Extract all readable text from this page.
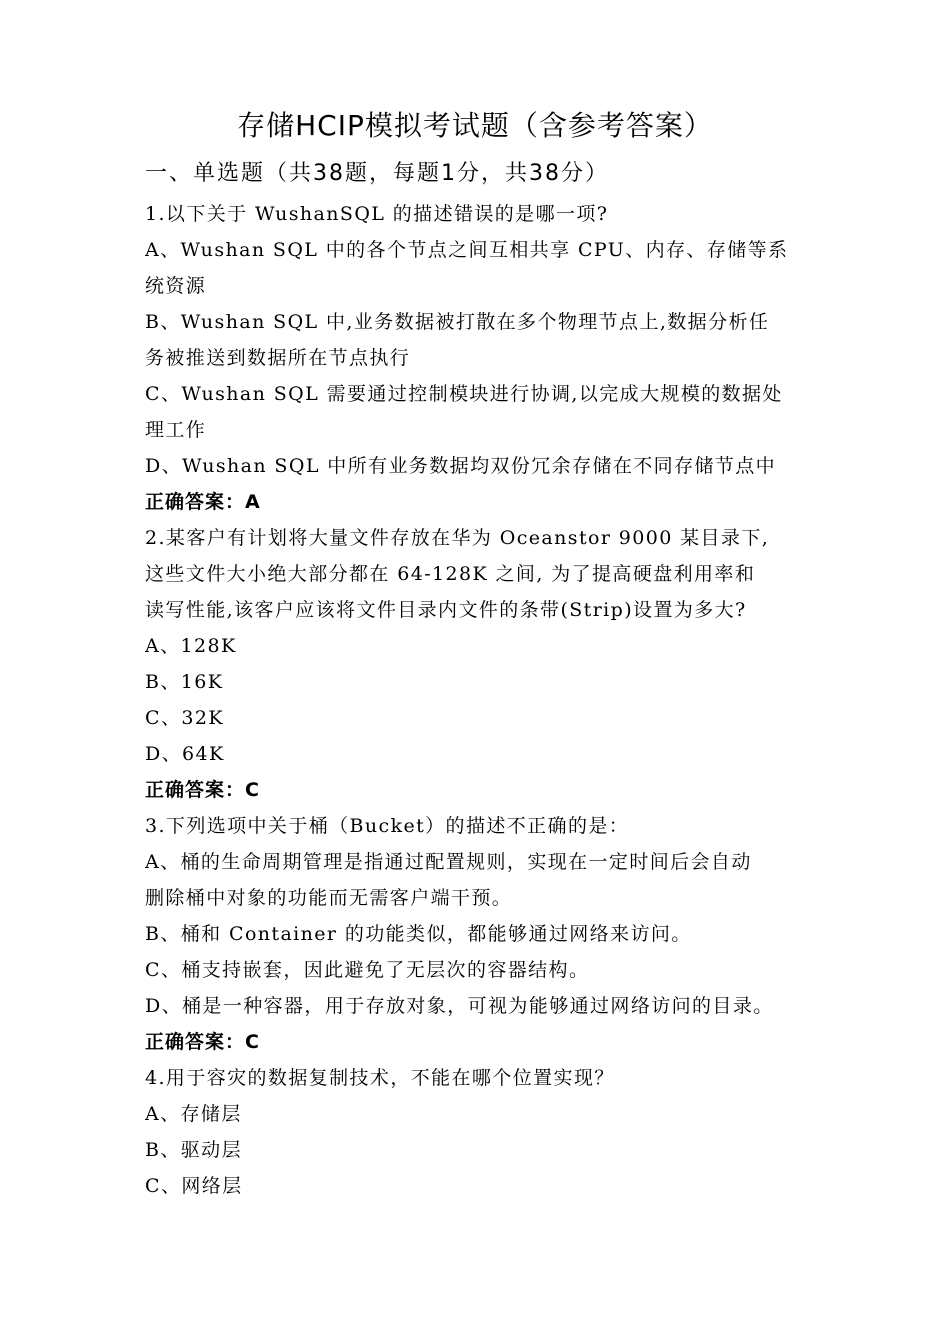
存储HCIP模拟考试题（含参考答案）
一、单选题（共38题，每题1分，共38分）
1.以下关于 WushanSQL 的描述错误的是哪一项?
A、Wushan SQL 中的各个节点之间互相共享 CPU、内存、存储等系
统资源
B、Wushan SQL 中,业务数据被打散在多个物理节点上,数据分析任
务被推送到数据所在节点执行
C、Wushan SQL 需要通过控制模块进行协调,以完成大规模的数据处
理工作
D、Wushan SQL 中所有业务数据均双份冗余存储在不同存储节点中
正确答案：A
2.某客户有计划将大量文件存放在华为 Oceanstor 9000 某目录下,
这些文件大小绝大部分都在 64-128K 之间, 为了提高硬盘利用率和
读写性能,该客户应该将文件目录内文件的条带(Strip)设置为多大?
A、128K
B、16K
C、32K
D、64K
正确答案：C
3.下列选项中关于桶（Bucket）的描述不正确的是：
A、桶的生命周期管理是指通过配置规则，实现在一定时间后会自动
删除桶中对象的功能而无需客户端干预。
B、桶和 Container 的功能类似，都能够通过网络来访问。
C、桶支持嵌套，因此避免了无层次的容器结构。
D、桶是一种容器，用于存放对象，可视为能够通过网络访问的目录。
正确答案：C
4.用于容灾的数据复制技术，不能在哪个位置实现？
A、存储层
B、驱动层
C、网络层
